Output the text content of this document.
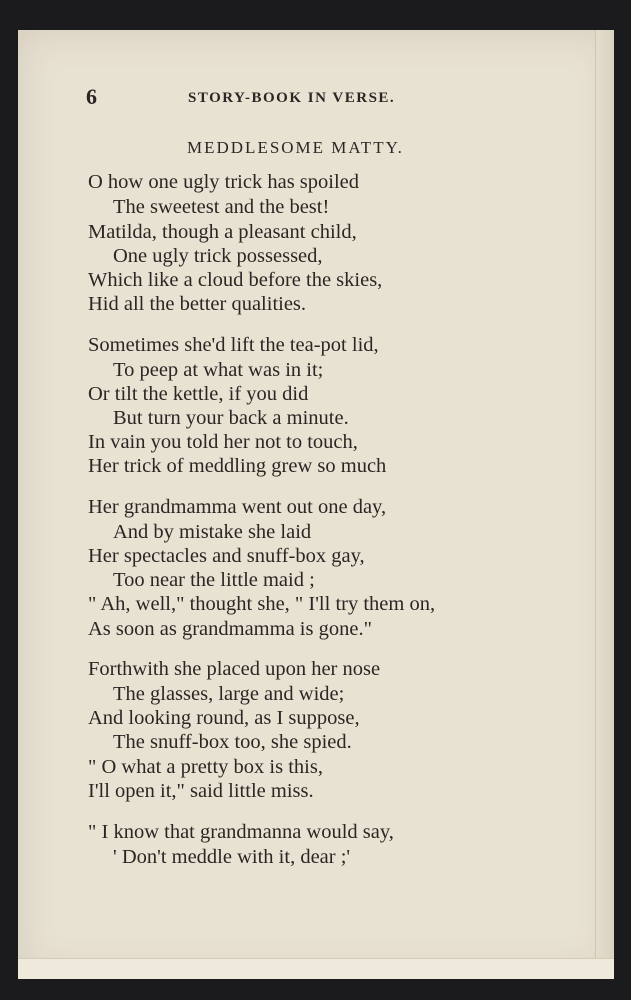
6	STORY-BOOK IN VERSE.
MEDDLESOME MATTY.
O how one ugly trick has spoiled
The sweetest and the best!
Matilda, though a pleasant child,
One ugly trick possessed,
Which like a cloud before the skies,
Hid all the better qualities.
Sometimes she'd lift the tea-pot lid,
To peep at what was in it;
Or tilt the kettle, if you did
But turn your back a minute.
In vain you told her not to touch,
Her trick of meddling grew so much
Her grandmamma went out one day,
And by mistake she laid
Her spectacles and snuff-box gay,
Too near the little maid ;
" Ah, well," thought she, " I'll try them on,
As soon as grandmamma is gone."
Forthwith she placed upon her nose
The glasses, large and wide;
And looking round, as I suppose,
The snuff-box too, she spied.
" O what a pretty box is this,
I'll open it," said little miss.
" I know that grandmanna would say,
' Don't meddle with it, dear ;'
